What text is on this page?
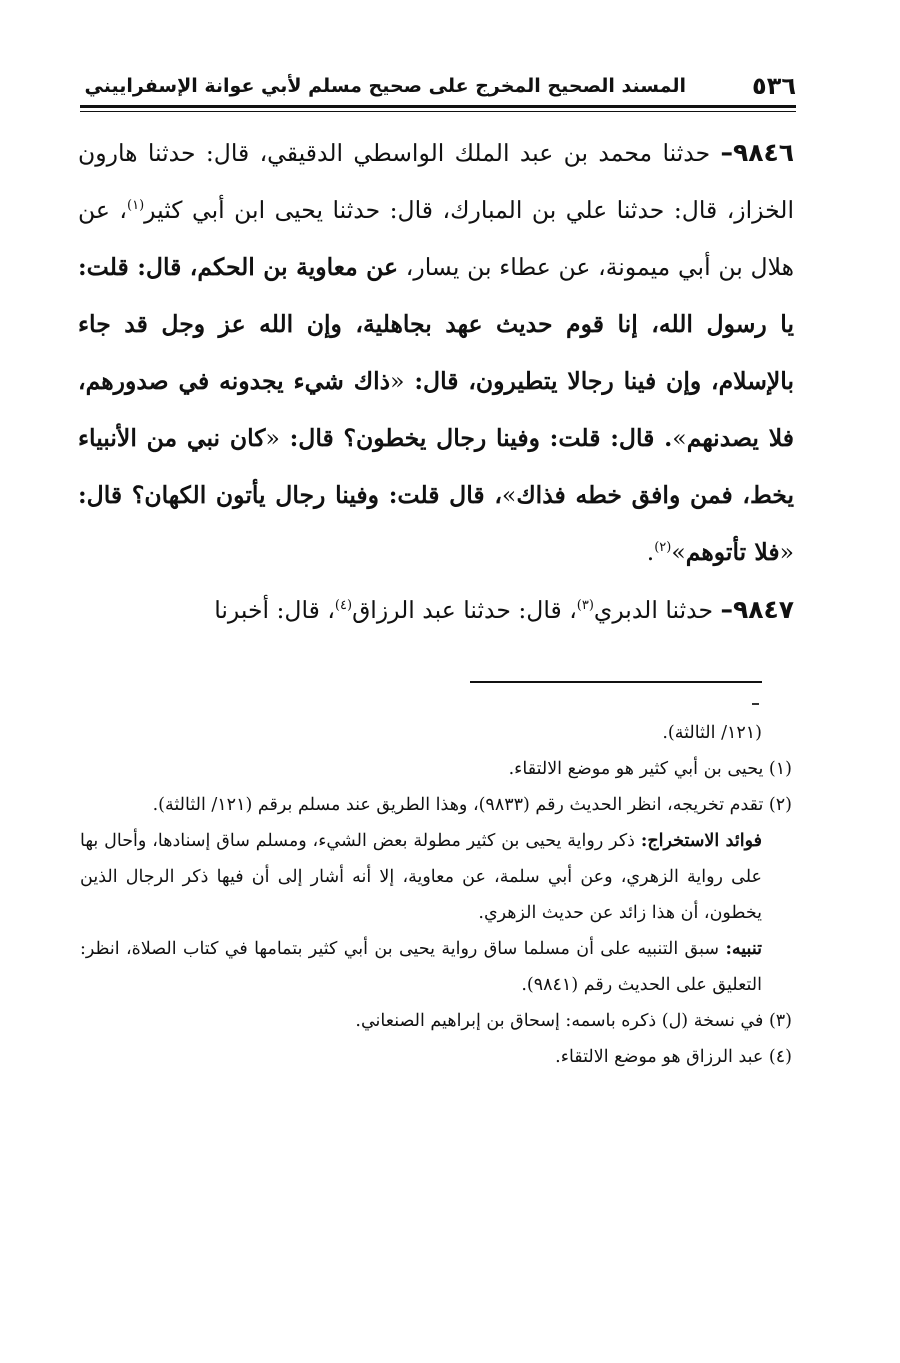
٥٣٦
المسند الصحيح المخرج على صحيح مسلم لأبي عوانة الإسفراييني

٩٨٤٦– حدثنا محمد بن عبد الملك الواسطي الدقيقي، قال: حدثنا هارون الخزاز، قال: حدثنا علي بن المبارك، قال: حدثنا يحيى ابن أبي كثير$^{(١)}$، عن هلال بن أبي ميمونة، عن عطاء بن يسار، عن معاوية بن الحكم، قال: قلت: يا رسول الله، إنا قوم حديث عهد بجاهلية، وإن الله عز وجل قد جاء بالإسلام، وإن فينا رجالا يتطيرون، قال: «ذاك شيء يجدونه في صدورهم، فلا يصدنهم». قال: قلت: وفينا رجال يخطون؟ قال: «كان نبي من الأنبياء يخط، فمن وافق خطه فذاك»، قال قلت: وفينا رجال يأتون الكهان؟ قال: «فلا تأتوهم»$^{(٢)}$.

٩٨٤٧– حدثنا الدبري$^{(٣)}$، قال: حدثنا عبد الرزاق$^{(٤)}$، قال: أخبرنا

(١٢١/ الثالثة).

(١) يحيى بن أبي كثير هو موضع الالتقاء.

(٢) تقدم تخريجه، انظر الحديث رقم (٩٨٣٣)، وهذا الطريق عند مسلم برقم (١٢١/ الثالثة).

فوائد الاستخراج: ذكر رواية يحيى بن كثير مطولة بعض الشيء، ومسلم ساق إسنادها، وأحال بها على رواية الزهري، وعن أبي سلمة، عن معاوية، إلا أنه أشار إلى أن فيها ذكر الرجال الذين يخطون، أن هذا زائد عن حديث الزهري.

تنبيه: سبق التنبيه على أن مسلما ساق رواية يحيى بن أبي كثير بتمامها في كتاب الصلاة، انظر: التعليق على الحديث رقم (٩٨٤١).

(٣) في نسخة (ل) ذكره باسمه: إسحاق بن إبراهيم الصنعاني.

(٤) عبد الرزاق هو موضع الالتقاء.
